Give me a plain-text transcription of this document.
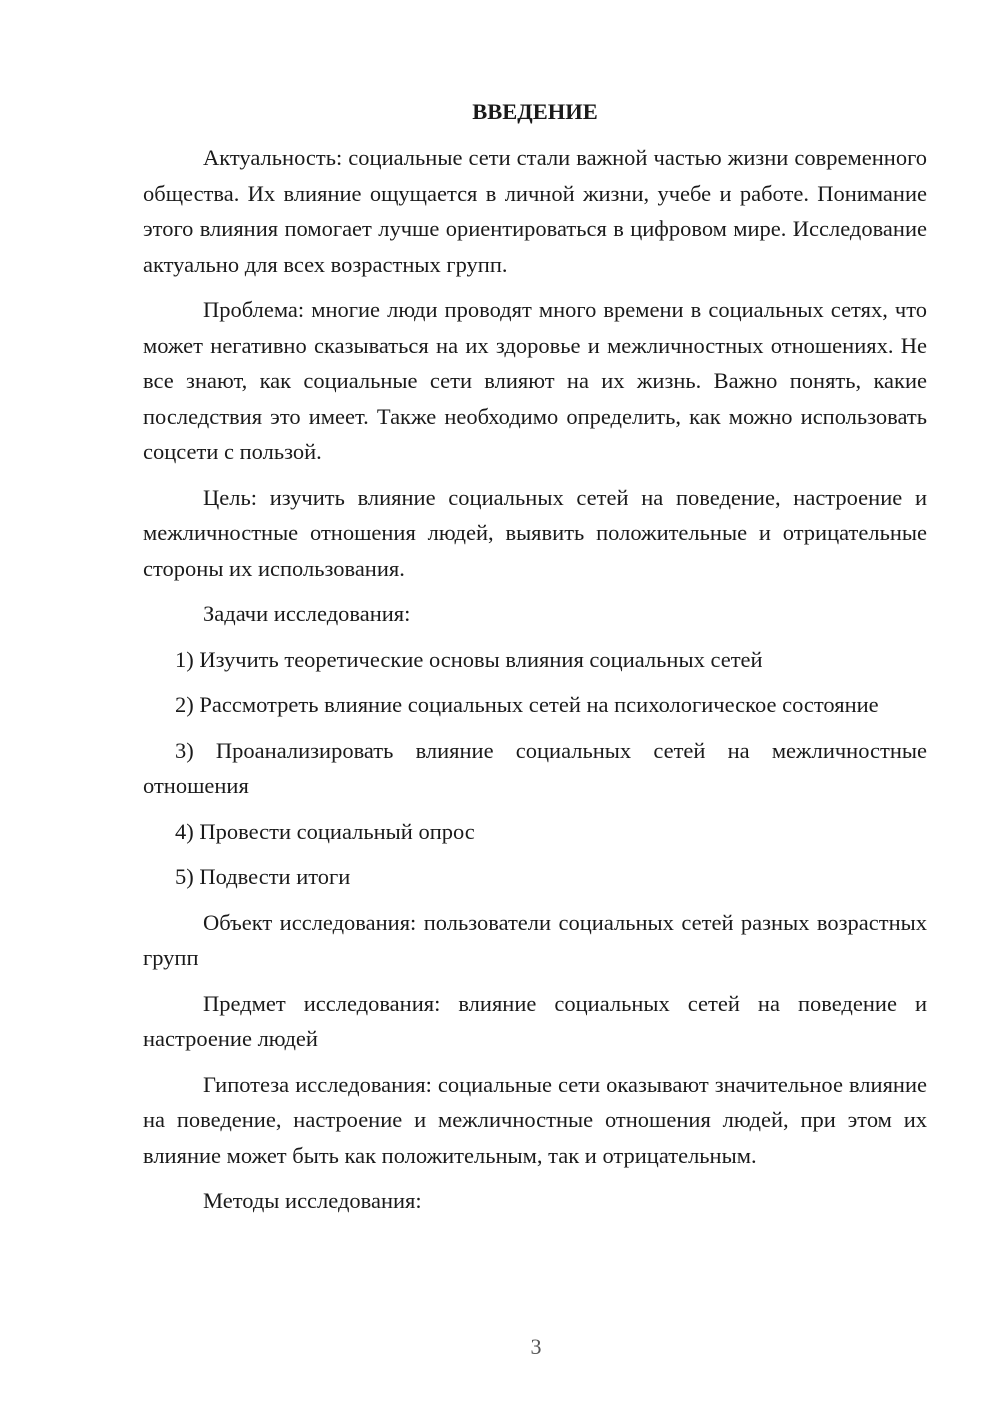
ВВЕДЕНИЕ

Актуальность: социальные сети стали важной частью жизни современного общества. Их влияние ощущается в личной жизни, учебе и работе. Понимание этого влияния помогает лучше ориентироваться в цифровом мире. Исследование актуально для всех возрастных групп.

Проблема: многие люди проводят много времени в социальных сетях, что может негативно сказываться на их здоровье и межличностных отношениях. Не все знают, как социальные сети влияют на их жизнь. Важно понять, какие последствия это имеет. Также необходимо определить, как можно использовать соцсети с пользой.

Цель: изучить влияние социальных сетей на поведение, настроение и межличностные отношения людей, выявить положительные и отрицательные стороны их использования.

Задачи исследования:

1) Изучить теоретические основы влияния социальных сетей

2) Рассмотреть влияние социальных сетей на психологическое состояние

3) Проанализировать влияние социальных сетей на межличностные отношения

4) Провести социальный опрос

5) Подвести итоги

Объект исследования: пользователи социальных сетей разных возрастных групп

Предмет исследования: влияние социальных сетей на поведение и настроение людей

Гипотеза исследования: социальные сети оказывают значительное влияние на поведение, настроение и межличностные отношения людей, при этом их влияние может быть как положительным, так и отрицательным.

Методы исследования:

3
